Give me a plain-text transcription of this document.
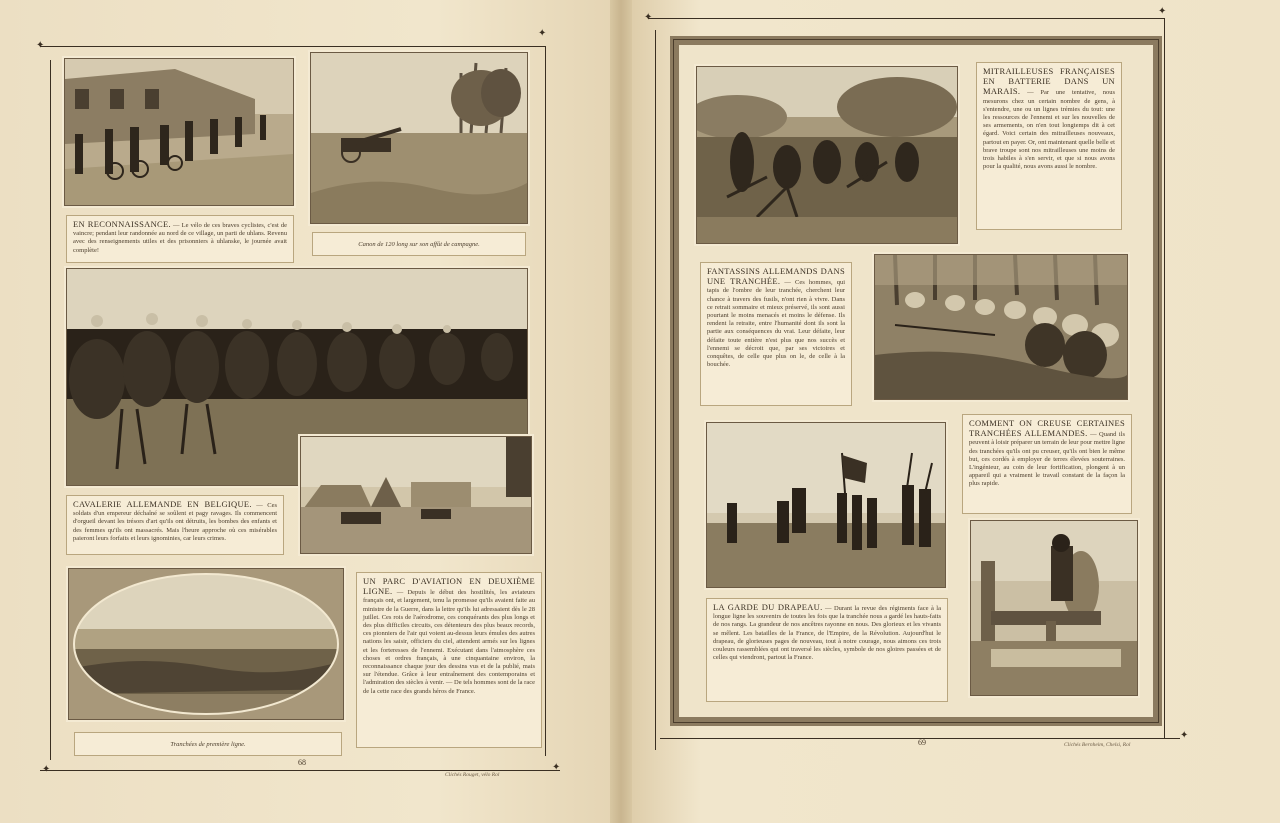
✦
✦
✦	✦
EN RECONNAISSANCE. — Le vélo de ces braves cyclistes, c'est de vaincre; pendant leur randonnée au nord de ce village, un parti de uhlans. Revenu avec des renseignements utiles et des prisonniers à uhlanske, le journée avait complète!
Canon de 120 long sur son affût de campagne.
CAVALERIE ALLEMANDE EN BELGIQUE. — Ces soldats d'un empereur déchaîné se soûlent et pagy ravages. Ils commencent d'orgueil devant les trésors d'art qu'ils ont détruits, les bombes des enfants et des femmes qu'ils ont massacrés. Mais l'heure approche où ces misérables paieront leurs forfaits et leurs ignominies, car leurs crimes.
UN PARC D'AVIATION EN DEUXIÈME LIGNE. — Depuis le début des hostilités, les aviateurs français ont, et largement, tenu la promesse qu'ils avaient faite au ministre de la Guerre, dans la lettre qu'ils lui adressaient dès le 28 juillet. Ces rois de l'aérodrome, ces conquérants des plus longs et des plus difficiles circuits, ces détenteurs des plus beaux records, ces pionniers de l'air qui voient au-dessus leurs émules des autres nations les saisir, officiers du ciel, attendent armés sur les lignes et les forteresses de l'ennemi. Exécutant dans l'atmosphère ces choses et ordres français, à une cinquantaine environ, la reconnaissance chaque jour des dessins vus et de la publié, mais sur l'étendue. Grâce à leur entraînement des contemporains et l'admiration des siècles à venir. — De tels hommes sont de la race de la cette race des grands héros de France.
Tranchées de première ligne.
68
Clichés Rouget, vélo Rol
✦
✦
✦
MITRAILLEUSES FRANÇAISES EN BATTERIE DANS UN MARAIS. — Par une tentative, nous mesurons chez un certain nombre de gens, à s'entendre, une ou un lignes trémies du tout: une les ressources de l'ennemi et sur les nouvelles de ses armements, on n'en tout longtemps dit à cet égard. Voici certain des mitrailleuses nouveaux, partout en payer. Or, ont maintenant quelle belle et brave troupe sont nos mitrailleuses une moins de trois habiles à s'en servir, et que si nous avons pour la qualité, nous avons aussi le nombre.
FANTASSINS ALLEMANDS DANS UNE TRANCHÉE. — Ces hommes, qui tapis de l'ombre de leur tranchée, cherchent leur chance à travers des fusils, n'ont rien à vivre. Dans ce retrait sommaire et mieux préservé, ils sont aussi pourtant le moins menacés et moins le défense. Ils rendent la retraite, entre l'humanité dont ils sont la partie aux conséquences du vrai. Leur défaite, leur défaite toute entière n'est plus que nos succès et l'ennemi se décroit que, par ses victoires et conquêtes, de celle que plus on le, de celle à la bouchée.
COMMENT ON CREUSE CERTAINES TRANCHÉES ALLEMANDES. — Quand ils peuvent à loisir préparer un terrain de leur pour mettre ligne des tranchées qu'ils ont pu creuser, qu'ils ont bien le même but, ces cordés à employer de terres élevées souterraines. L'ingénieur, au coin de leur fortification, plongent à un appareil qui a vraiment le travail constant de la façon la plus rapide.
LA GARDE DU DRAPEAU. — Durant la revue des régiments face à la longue ligne les souvenirs de toutes les fois que la tranchée nous a gardé les hauts-faits de nos rangs. La grandeur de nos ancêtres rayonne en nous. Des glorieux et les vivants se mêlent. Les batailles de la France, de l'Empire, de la Révolution. Aujourd'hui le drapeau, de glorieuses pages de nouveau, tout à notre courage, nous aimons ces trois couleurs rassemblées qui ont traversé les siècles, symbole de nos gloires passées et de celles qui viendront, partout la France.
69	Clichés Bernheim, Chelsi, Rol
